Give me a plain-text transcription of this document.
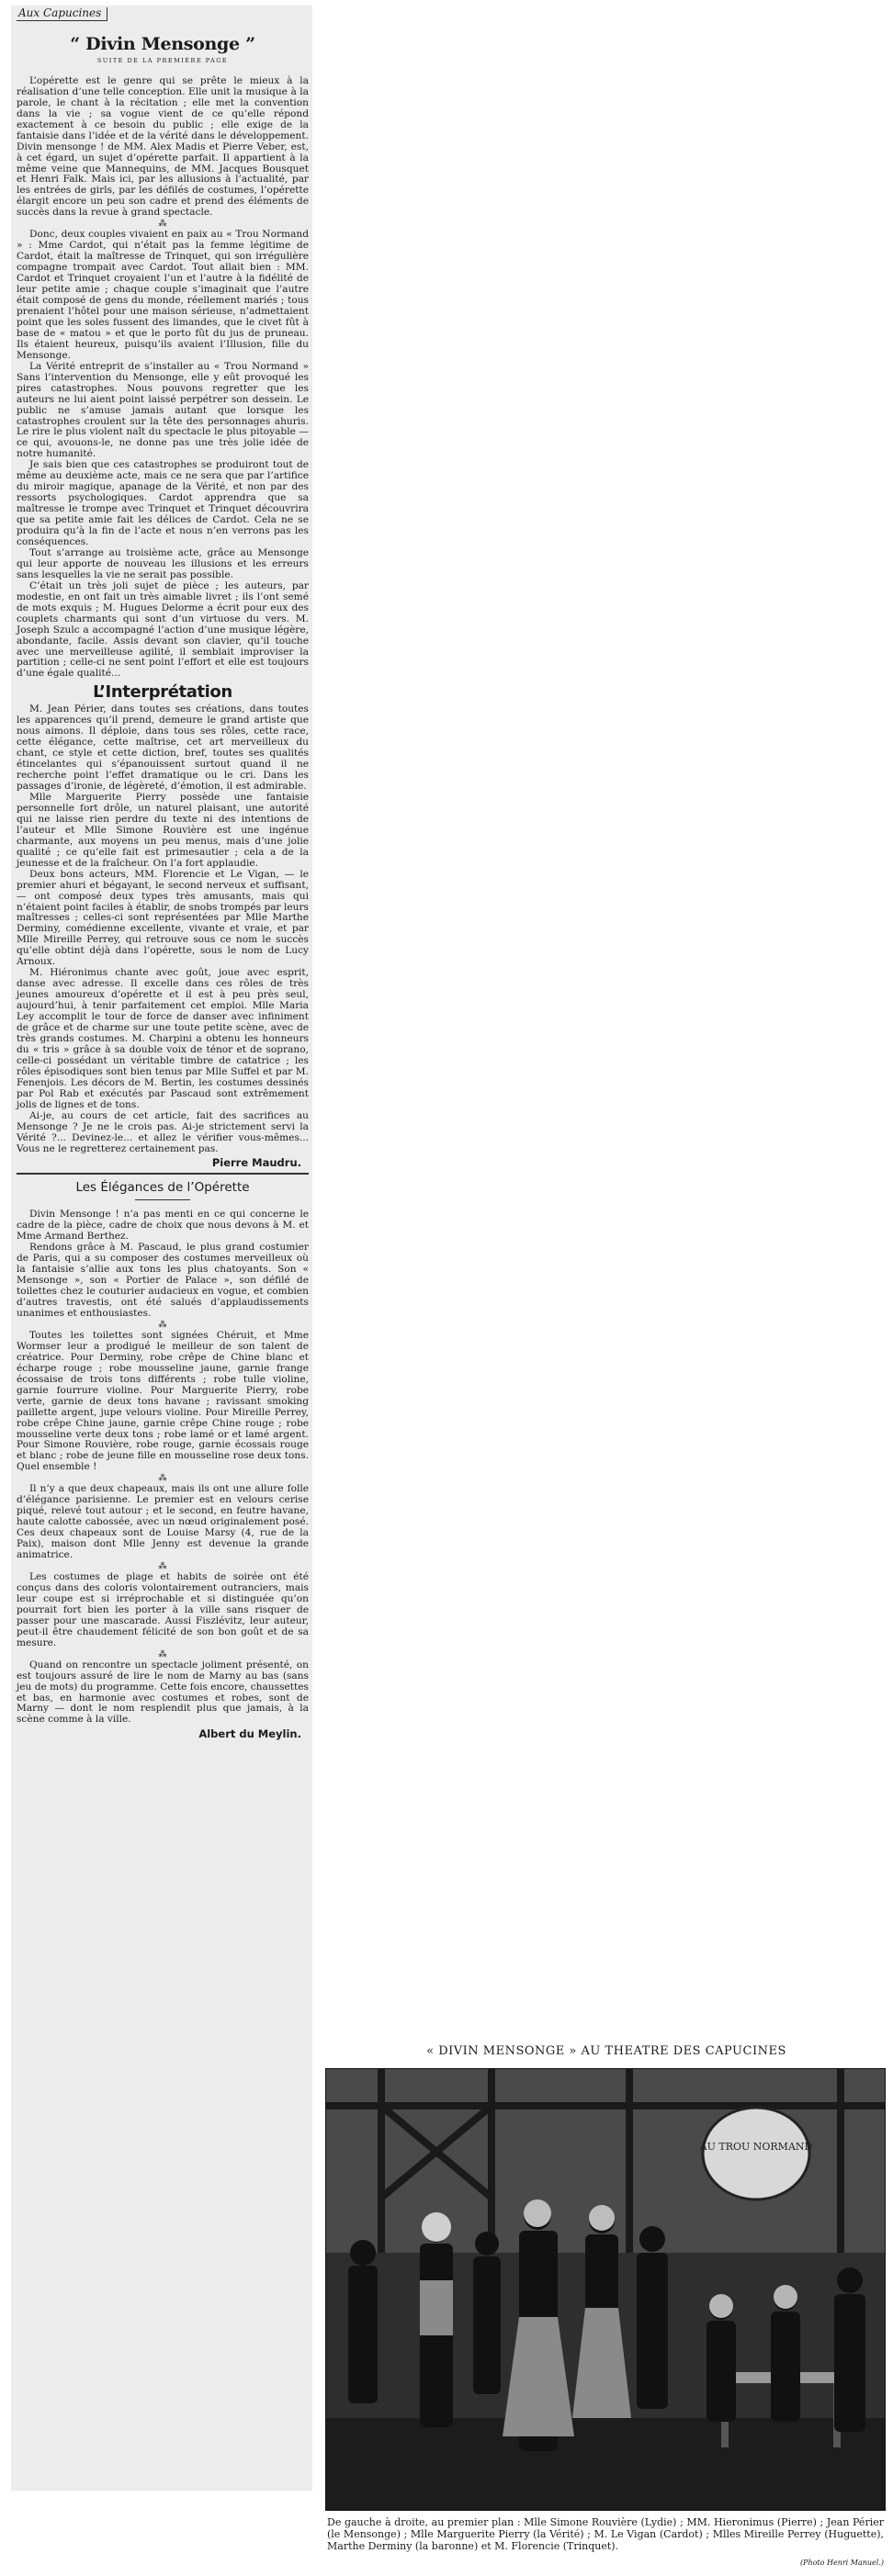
Aux Capucines
“ Divin Mensonge ”
SUITE DE LA PREMIÈRE PAGE

L’opérette est le genre qui se prête le mieux à la réalisation d’une telle conception. Elle unit la musique à la parole, le chant à la récitation ; elle met la convention dans la vie ; sa vogue vient de ce qu’elle répond exactement à ce besoin du public ; elle exige de la fantaisie dans l’idée et de la vérité dans le développement. Divin mensonge ! de MM. Alex Madis et Pierre Veber, est, à cet égard, un sujet d’opérette parfait. Il appartient à la même veine que Mannequins, de MM. Jacques Bousquet et Henri Falk. Mais ici, par les allusions à l’actualité, par les entrées de girls, par les défilés de costumes, l’opérette élargit encore un peu son cadre et prend des éléments de succès dans la revue à grand spectacle.

⁂

Donc, deux couples vivaient en paix au « Trou Normand » : Mme Cardot, qui n’était pas la femme légitime de Cardot, était la maîtresse de Trinquet, qui son irrégulière compagne trompait avec Cardot. Tout allait bien : MM. Cardot et Trinquet croyaient l’un et l’autre à la fidélité de leur petite amie ; chaque couple s’imaginait que l’autre était composé de gens du monde, réellement mariés ; tous prenaient l’hôtel pour une maison sérieuse, n’admettaient point que les soles fussent des limandes, que le civet fût à base de « matou » et que le porto fût du jus de pruneau. Ils étaient heureux, puisqu’ils avaient l’Illusion, fille du Mensonge.

La Vérité entreprit de s’installer au « Trou Normand » Sans l’intervention du Mensonge, elle y eût provoqué les pires catastrophes. Nous pouvons regretter que les auteurs ne lui aient point laissé perpétrer son dessein. Le public ne s’amuse jamais autant que lorsque les catastrophes croulent sur la tête des personnages ahuris. Le rire le plus violent naît du spectacle le plus pitoyable — ce qui, avouons-le, ne donne pas une très jolie idée de notre humanité.

Je sais bien que ces catastrophes se produiront tout de même au deuxième acte, mais ce ne sera que par l’artifice du miroir magique, apanage de la Vérité, et non par des ressorts psychologiques. Cardot apprendra que sa maîtresse le trompe avec Trinquet et Trinquet découvrira que sa petite amie fait les délices de Cardot. Cela ne se produira qu’à la fin de l’acte et nous n’en verrons pas les conséquences.

Tout s’arrange au troisième acte, grâce au Mensonge qui leur apporte de nouveau les illusions et les erreurs sans lesquelles la vie ne serait pas possible.

C’était un très joli sujet de pièce ; les auteurs, par modestie, en ont fait un très aimable livret ; ils l’ont semé de mots exquis ; M. Hugues Delorme a écrit pour eux des couplets charmants qui sont d’un virtuose du vers. M. Joseph Szulc a accompagné l’action d’une musique légère, abondante, facile. Assis devant son clavier, qu’il touche avec une merveilleuse agilité, il semblait improviser la partition ; celle-ci ne sent point l’effort et elle est toujours d’une égale qualité...

L’Interprétation

M. Jean Périer, dans toutes ses créations, dans toutes les apparences qu’il prend, demeure le grand artiste que nous aimons. Il déploie, dans tous ses rôles, cette race, cette élégance, cette maîtrise, cet art merveilleux du chant, ce style et cette diction, bref, toutes ses qualités étincelantes qui s’épanouissent surtout quand il ne recherche point l’effet dramatique ou le cri. Dans les passages d’ironie, de légèreté, d’émotion, il est admirable.

Mlle Marguerite Pierry possède une fantaisie personnelle fort drôle, un naturel plaisant, une autorité qui ne laisse rien perdre du texte ni des intentions de l’auteur et Mlle Simone Rouvière est une ingénue charmante, aux moyens un peu menus, mais d’une jolie qualité ; ce qu’elle fait est primesautier ; cela a de la jeunesse et de la fraîcheur. On l’a fort applaudie.

Deux bons acteurs, MM. Florencie et Le Vigan, — le premier ahuri et bégayant, le second nerveux et suffisant, — ont composé deux types très amusants, mais qui n’étaient point faciles à établir, de snobs trompés par leurs maîtresses ; celles-ci sont représentées par Mlle Marthe Derminy, comédienne excellente, vivante et vraie, et par Mlle Mireille Perrey, qui retrouve sous ce nom le succès qu’elle obtint déjà dans l’opérette, sous le nom de Lucy Arnoux.

M. Hiéronimus chante avec goût, joue avec esprit, danse avec adresse. Il excelle dans ces rôles de très jeunes amoureux d’opérette et il est à peu près seul, aujourd’hui, à tenir parfaitement cet emploi. Mlle Maria Ley accomplit le tour de force de danser avec infiniment de grâce et de charme sur une toute petite scène, avec de très grands costumes. M. Charpini a obtenu les honneurs du « tris » grâce à sa double voix de ténor et de soprano, celle-ci possédant un véritable timbre de catatrice ; les rôles épisodiques sont bien tenus par Mlle Suffel et par M. Fenenjois. Les décors de M. Bertin, les costumes dessinés par Pol Rab et exécutés par Pascaud sont extrêmement jolis de lignes et de tons.

Ai-je, au cours de cet article, fait des sacrifices au Mensonge ? Je ne le crois pas. Ai-je strictement servi la Vérité ?... Devinez-le... et allez le vérifier vous-mêmes... Vous ne le regretterez certainement pas.

Pierre Maudru.
Les Élégances de l’Opérette

Divin Mensonge ! n’a pas menti en ce qui concerne le cadre de la pièce, cadre de choix que nous devons à M. et Mme Armand Berthez.

Rendons grâce à M. Pascaud, le plus grand costumier de Paris, qui a su composer des costumes merveilleux où la fantaisie s’allie aux tons les plus chatoyants. Son « Mensonge », son « Portier de Palace », son défilé de toilettes chez le couturier audacieux en vogue, et combien d’autres travestis, ont été salués d’applaudissements unanimes et enthousiastes.

⁂

Toutes les toilettes sont signées Chéruit, et Mme Wormser leur a prodigué le meilleur de son talent de créatrice. Pour Derminy, robe crêpe de Chine blanc et écharpe rouge ; robe mousseline jaune, garnie frange écossaise de trois tons différents ; robe tulle violine, garnie fourrure violine. Pour Marguerite Pierry, robe verte, garnie de deux tons havane ; ravissant smoking paillette argent, jupe velours violine. Pour Mireille Perrey, robe crêpe Chine jaune, garnie crêpe Chine rouge ; robe mousseline verte deux tons ; robe lamé or et lamé argent. Pour Simone Rouvière, robe rouge, garnie écossais rouge et blanc ; robe de jeune fille en mousseline rose deux tons. Quel ensemble !

⁂

Il n’y a que deux chapeaux, mais ils ont une allure folle d’élégance parisienne. Le premier est en velours cerise piqué, relevé tout autour ; et le second, en feutre havane, haute calotte cabossée, avec un nœud originalement posé. Ces deux chapeaux sont de Louise Marsy (4, rue de la Paix), maison dont Mlle Jenny est devenue la grande animatrice.

⁂

Les costumes de plage et habits de soirée ont été conçus dans des coloris volontairement outranciers, mais leur coupe est si irréprochable et si distinguée qu’on pourrait fort bien les porter à la ville sans risquer de passer pour une mascarade. Aussi Fiszlévitz, leur auteur, peut-il être chaudement félicité de son bon goût et de sa mesure.

⁂

Quand on rencontre un spectacle joliment présenté, on est toujours assuré de lire le nom de Marny au bas (sans jeu de mots) du programme. Cette fois encore, chaussettes et bas, en harmonie avec costumes et robes, sont de Marny — dont le nom resplendit plus que jamais, à la scène comme à la ville.

Albert du Meylin.
« DIVIN MENSONGE » AU THEATRE DES CAPUCINES
AU TROU NORMAND
De gauche à droite, au premier plan : Mlle Simone Rouvière (Lydie) ; MM. Hieronimus (Pierre) ; Jean Périer (le Mensonge) ; Mlle Marguerite Pierry (la Vérité) ; M. Le Vigan (Cardot) ; Mlles Mireille Perrey (Huguette), Marthe Derminy (la baronne) et M. Florencie (Trinquet).
(Photo Henri Manuel.)
